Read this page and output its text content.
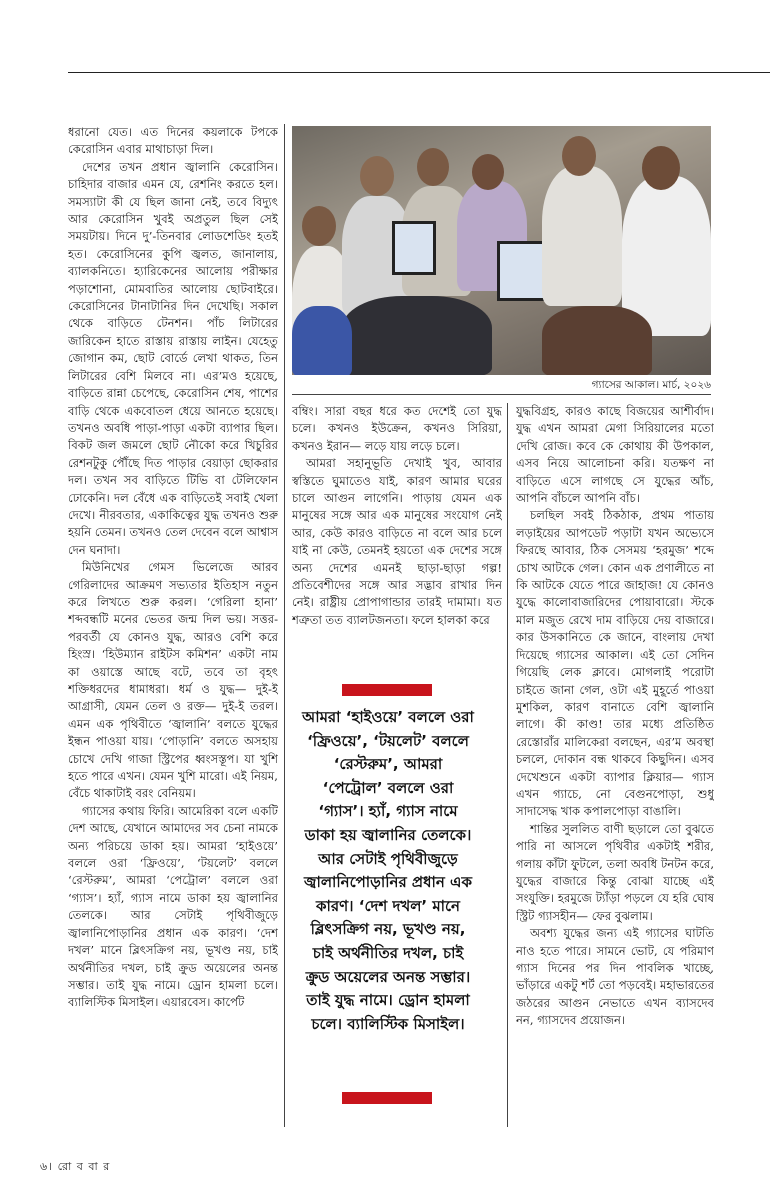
ধরানো যেত। এত দিনের কয়লাকে টপকে কেরোসিন এবার মাথাচাড়া দিল।

দেশের তখন প্রধান জ্বালানি কেরোসিন। চাহিদার বাজার এমন যে, রেশনিং করতে হল। সমস্যাটা কী যে ছিল জানা নেই, তবে বিদ্যুৎ আর কেরোসিন খুবই অপ্রতুল ছিল সেই সময়টায়। দিনে দু’-তিনবার লোডশেডিং হতই হত। কেরোসিনের কুপি জ্বলত, জানালায়, ব্যালকনিতে। হ্যারিকেনের আলোয় পরীক্ষার পড়াশোনা, মোমবাতির আলোয় ছোটবাইরে। কেরোসিনের টানাটানির দিন দেখেছি। সকাল থেকে বাড়িতে টেনশন। পাঁচ লিটারের জারিকেন হাতে রাস্তায় রাস্তায় লাইন। যেহেতু জোগান কম, ছোট বোর্ডে লেখা থাকত, তিন লিটারের বেশি মিলবে না। এর’মও হয়েছে, বাড়িতে রান্না চেপেছে, কেরোসিন শেষ, পাশের বাড়ি থেকে একবোতল ধেয়ে আনতে হয়েছে। তখনও অবধি পাড়া-পাড়া একটা ব্যাপার ছিল। বিকট জল জমলে ছোট নৌকো করে খিচুরির রেশনটুকু পৌঁছে দিত পাড়ার বেয়াড়া ছোকরার দল। তখন সব বাড়িতে টিভি বা টেলিফোন ঢোকেনি। দল বেঁধে এক বাড়িতেই সবাই খেলা দেখে। নীরবতার, একাকিত্বের যুদ্ধ তখনও শুরু হয়নি তেমন। তখনও তেল দেবেন বলে আশ্বাস দেন ঘনাদা।

মিউনিখের গেমস ভিলেজে আরব গেরিলাদের আক্রমণ সভ্যতার ইতিহাস নতুন করে লিখতে শুরু করল। ‘গেরিলা হানা’ শব্দবন্ধটি মনের ভেতর জন্ম দিল ভয়। সত্তর-পরবর্তী যে কোনও যুদ্ধ, আরও বেশি করে হিংস্র। ‘হিউম্যান রাইটস কমিশন’ একটা নাম কা ওয়াস্তে আছে বটে, তবে তা বৃহৎ শক্তিধরদের ধামাধরা। ধর্ম ও যুদ্ধ— দুই-ই আগ্রাসী, যেমন তেল ও রক্ত— দুই-ই তরল। এমন এক পৃথিবীতে ‘জ্বালানি’ বলতে যুদ্ধের ইন্ধন পাওয়া যায়। ‘পোড়ানি’ বলতে অসহায় চোখে দেখি গাজা স্ট্রিপের ধ্বংসস্তূপ। যা খুশি হতে পারে এখন। যেমন খুশি মারো। এই নিয়ম, বেঁচে থাকাটাই বরং বেনিয়ম।

গ্যাসের কথায় ফিরি। আমেরিকা বলে একটি দেশ আছে, যেখানে আমাদের সব চেনা নামকে অন্য পরিচয়ে ডাকা হয়। আমরা ‘হাইওয়ে’ বললে ওরা ‘ফ্রিওয়ে’, ‘টয়লেট’ বললে ‘রেস্টরুম’, আমরা ‘পেট্রোল’ বললে ওরা ‘গ্যাস’। হ্যাঁ, গ্যাস নামে ডাকা হয় জ্বালানির তেলকে। আর সেটাই পৃথিবীজুড়ে জ্বালানিপোড়ানির প্রধান এক কারণ। ‘দেশ দখল’ মানে ব্লিৎসক্রিগ নয়, ভূখণ্ড নয়, চাই অর্থনীতির দখল, চাই ক্রুড অয়েলের অনন্ত সম্ভার। তাই যুদ্ধ নামে। ড্রোন হামলা চলে। ব্যালিস্টিক মিসাইল। এয়ারবেস। কার্পেট

গ্যাসের আকাল। মার্চ, ২০২৬

বম্বিং। সারা বছর ধরে কত দেশেই তো যুদ্ধ চলে। কখনও ইউক্রেন, কখনও সিরিয়া, কখনও ইরান— লড়ে যায় লড়ে চলে।

আমরা সহানুভূতি দেখাই খুব, আবার স্বস্তিতে ঘুমাতেও যাই, কারণ আমার ঘরের চালে আগুন লাগেনি। পাড়ায় যেমন এক মানুষের সঙ্গে আর এক মানুষের সংযোগ নেই আর, কেউ কারও বাড়িতে না বলে আর চলে যাই না কেউ, তেমনই হয়তো এক দেশের সঙ্গে অন্য দেশের এমনই ছাড়া-ছাড়া গল্প! প্রতিবেশীদের সঙ্গে আর সদ্ভাব রাখার দিন নেই। রাষ্ট্রীয় প্রোপাগান্ডার তারই দামামা। যত শত্রুতা তত ব্যালটজনতা। ফলে হালকা করে

আমরা ‘হাইওয়ে’ বললে ওরা ‘ফ্রিওয়ে’, ‘টয়লেট’ বললে ‘রেস্টরুম’, আমরা ‘পেট্রোল’ বললে ওরা ‘গ্যাস’। হ্যাঁ, গ্যাস নামে ডাকা হয় জ্বালানির তেলকে। আর সেটাই পৃথিবীজুড়ে জ্বালানিপোড়ানির প্রধান এক কারণ। ‘দেশ দখল’ মানে ব্লিৎসক্রিগ নয়, ভূখণ্ড নয়, চাই অর্থনীতির দখল, চাই ক্রুড অয়েলের অনন্ত সম্ভার। তাই যুদ্ধ নামে। ড্রোন হামলা চলে। ব্যালিস্টিক মিসাইল।

যুদ্ধবিগ্রহ, কারও কাছে বিজয়ের আশীর্বাদ। যুদ্ধ এখন আমরা মেগা সিরিয়ালের মতো দেখি রোজ। কবে কে কোথায় কী উপকাল, এসব নিয়ে আলোচনা করি। যতক্ষণ না বাড়িতে এসে লাগছে সে যুদ্ধের আঁচ, আপনি বাঁচলে আপনি বাঁচ।

চলছিল সবই ঠিকঠাক, প্রথম পাতায় লড়াইয়ের আপডেট পড়াটা যখন অভ্যেসে ফিরছে আবার, ঠিক সেসময় ‘হরমুজ’ শব্দে চোখ আটকে গেল। কোন এক প্রণালীতে না কি আটকে যেতে পারে জাহাজ! যে কোনও যুদ্ধে কালোবাজারিদের পোয়াবারো। স্টকে মাল মজুত রেখে দাম বাড়িয়ে দেয় বাজারে। কার উসকানিতে কে জানে, বাংলায় দেখা দিয়েছে গ্যাসের আকাল। এই তো সেদিন গিয়েছি লেক ক্লাবে। মোগলাই পরোটা চাইতে জানা গেল, ওটা এই মুহূর্তে পাওয়া মুশকিল, কারণ বানাতে বেশি জ্বালানি লাগে। কী কাণ্ড! তার মধ্যে প্রতিষ্ঠিত রেস্তোরাঁর মালিকেরা বলছেন, এর’ম অবস্থা চললে, দোকান বন্ধ থাকবে কিছুদিন। এসব দেখেশুনে একটা ব্যাপার ক্লিয়ার— গ্যাস এখন গ্যাচে, নো বেগুনপোড়া, শুধু সাদাসেদ্ধ খাক কপালপোড়া বাঙালি।

শান্তির সুললিত বাণী ছড়ালে তো বুঝতে পারি না আসলে পৃথিবীর একটাই শরীর, গলায় কাঁটা ফুটলে, তলা অবধি টনটন করে, যুদ্ধের বাজারে কিন্তু বোঝা যাচ্ছে এই সংযুক্তি। হরমুজে ট্যাঁড়া পড়লে যে হরি ঘোষ স্ট্রিট গ্যাসহীন— ফের বুঝলাম।

অবশ্য যুদ্ধের জন্য এই গ্যাসের ঘাটতি নাও হতে পারে। সামনে ভোট, যে পরিমাণ গ্যাস দিনের পর দিন পাবলিক খাচ্ছে, ভাঁড়ারে একটু শর্ট তো পড়বেই। মহাভারতের জঠরের আগুন নেভাতে এখন ব্যাসদেব নন, গ্যাসদেব প্রয়োজন।

৬। রো ব বা র
